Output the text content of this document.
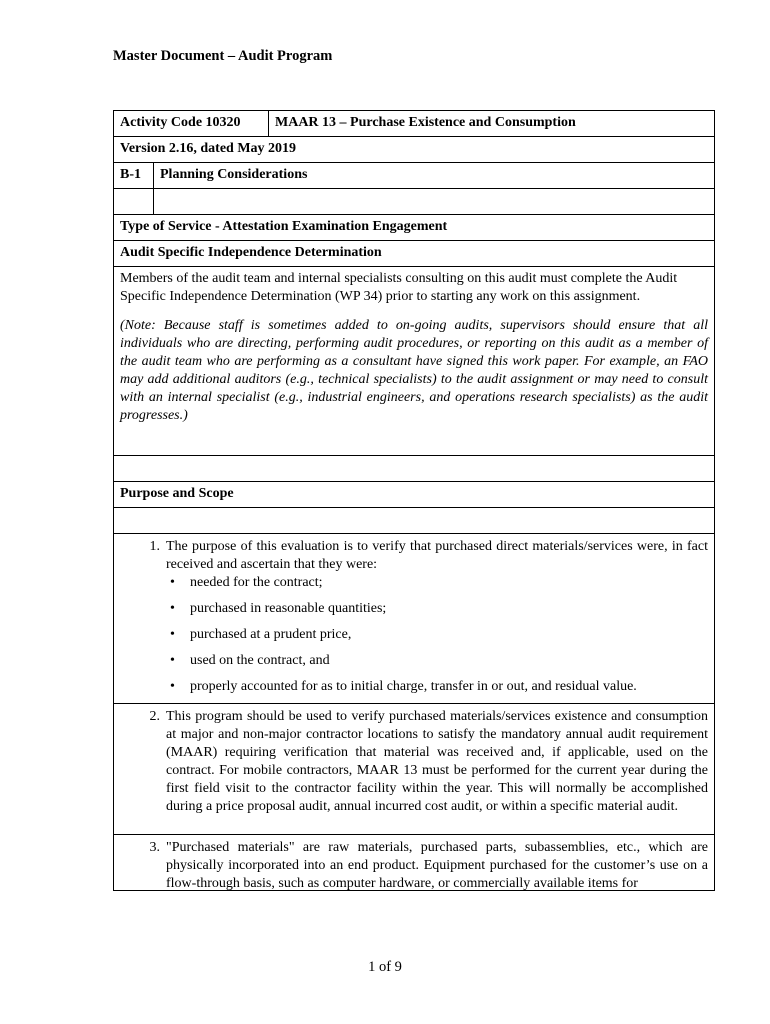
Master Document – Audit Program
Activity Code 10320	MAAR 13 – Purchase Existence and Consumption
Version 2.16, dated May 2019
B-1	Planning Considerations
Type of Service - Attestation Examination Engagement
Audit Specific Independence Determination

Members of the audit team and internal specialists consulting on this audit must complete the Audit Specific Independence Determination (WP 34) prior to starting any work on this assignment.

(Note: Because staff is sometimes added to on-going audits, supervisors should ensure that all individuals who are directing, performing audit procedures, or reporting on this audit as a member of the audit team who are performing as a consultant have signed this work paper. For example, an FAO may add additional auditors (e.g., technical specialists) to the audit assignment or may need to consult with an internal specialist (e.g., industrial engineers, and operations research specialists) as the audit progresses.)

Purpose and Scope
1. The purpose of this evaluation is to verify that purchased direct materials/services were, in fact received and ascertain that they were:
• needed for the contract;
• purchased in reasonable quantities;
• purchased at a prudent price,
• used on the contract, and
• properly accounted for as to initial charge, transfer in or out, and residual value.
2. This program should be used to verify purchased materials/services existence and consumption at major and non-major contractor locations to satisfy the mandatory annual audit requirement (MAAR) requiring verification that material was received and, if applicable, used on the contract. For mobile contractors, MAAR 13 must be performed for the current year during the first field visit to the contractor facility within the year. This will normally be accomplished during a price proposal audit, annual incurred cost audit, or within a specific material audit.
3. "Purchased materials" are raw materials, purchased parts, subassemblies, etc., which are physically incorporated into an end product. Equipment purchased for the customer’s use on a flow-through basis, such as computer hardware, or commercially available items for
1 of 9
